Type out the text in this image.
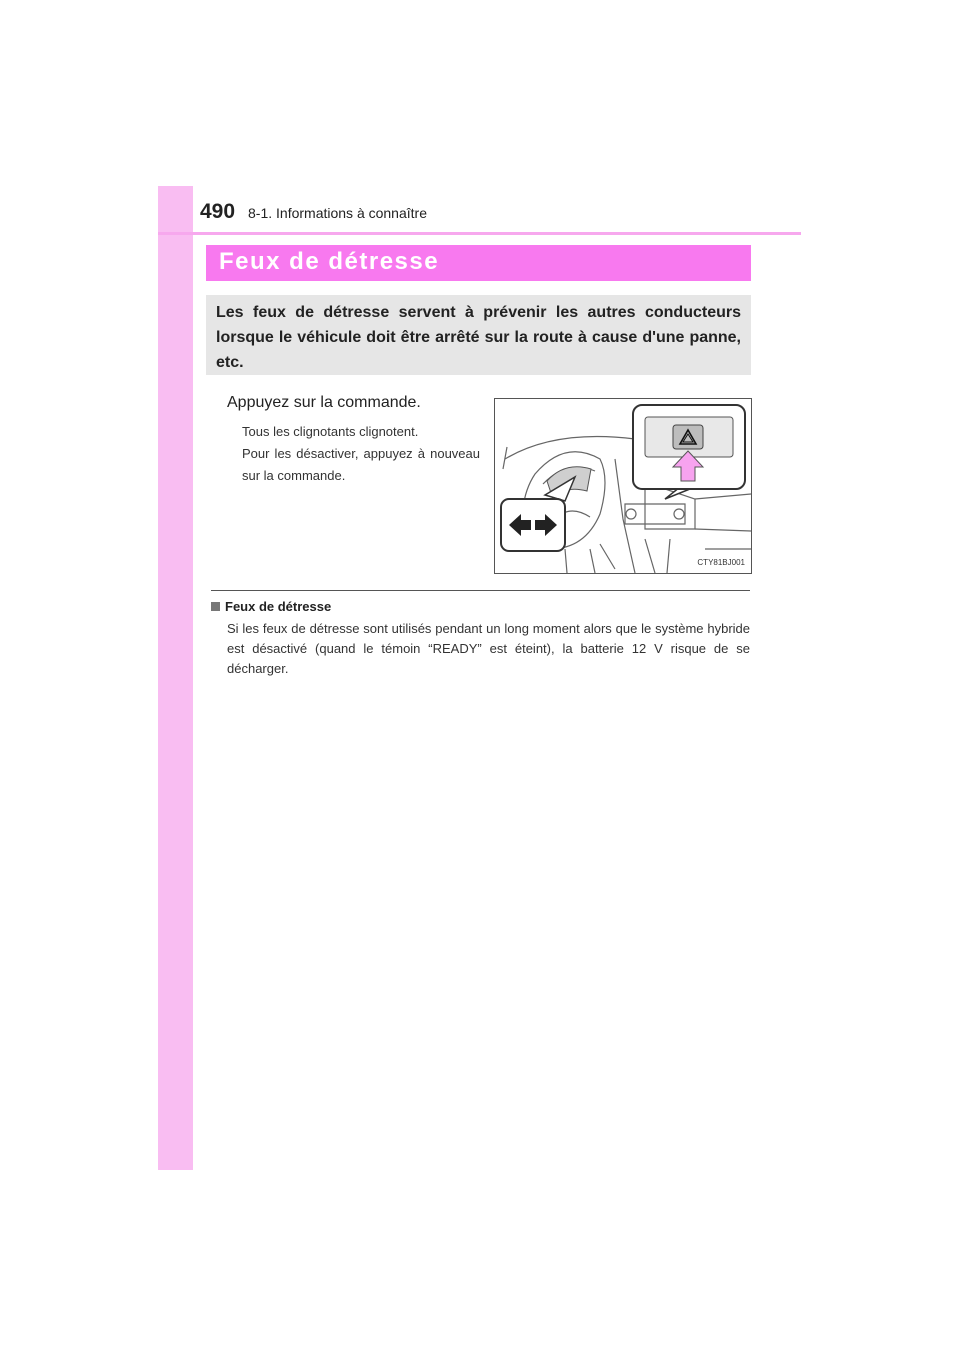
490 8-1. Informations à connaître
Feux de détresse

Les feux de détresse servent à prévenir les autres conducteurs lorsque le véhicule doit être arrêté sur la route à cause d'une panne, etc.

Appuyez sur la commande.

Tous les clignotants clignotent.

Pour les désactiver, appuyez à nouveau sur la commande.

CTY81BJ001
Feux de détresse

Si les feux de détresse sont utilisés pendant un long moment alors que le système hybride est désactivé (quand le témoin “READY” est éteint), la batterie 12 V risque de se décharger.
